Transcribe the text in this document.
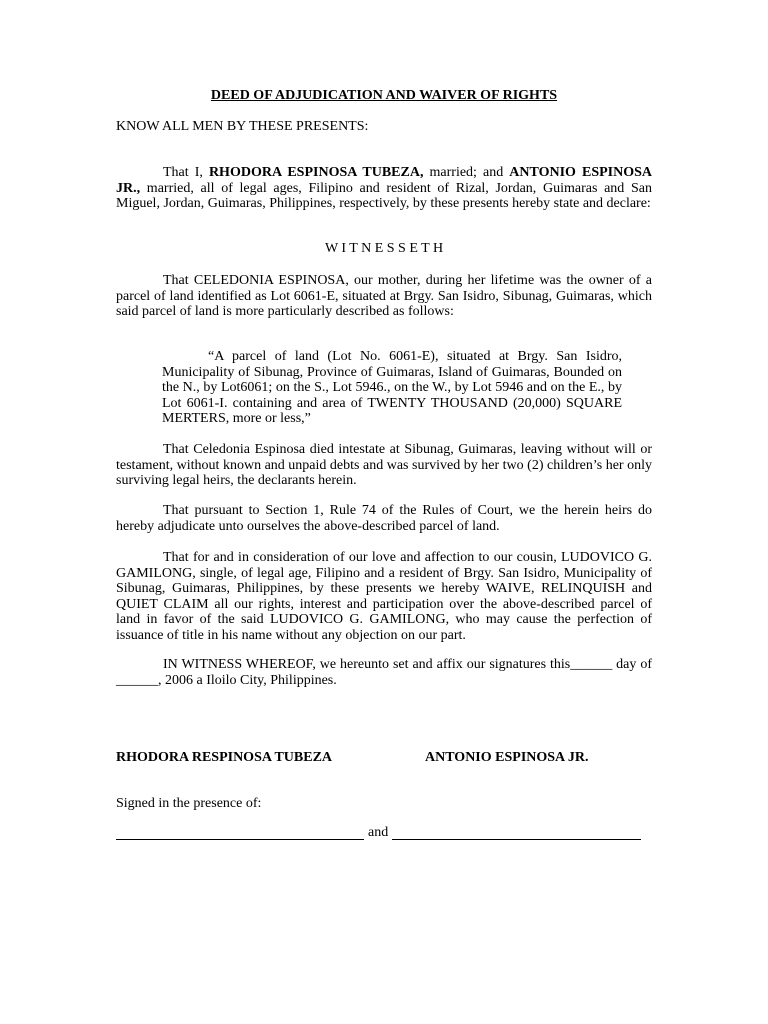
DEED OF ADJUDICATION AND WAIVER OF RIGHTS
KNOW ALL MEN BY THESE PRESENTS:

That I, RHODORA ESPINOSA TUBEZA, married; and ANTONIO ESPINOSA JR., married, all of legal ages, Filipino and resident of Rizal, Jordan, Guimaras and San Miguel, Jordan, Guimaras, Philippines, respectively, by these presents hereby state and declare:

W I T N E S S E T H

That CELEDONIA ESPINOSA, our mother, during her lifetime was the owner of a parcel of land identified as Lot 6061-E, situated at Brgy. San Isidro, Sibunag, Guimaras, which said parcel of land is more particularly described as follows:

“A parcel of land (Lot No. 6061-E), situated at Brgy. San Isidro, Municipality of Sibunag, Province of Guimaras, Island of Guimaras, Bounded on the N., by Lot6061; on the S., Lot 5946., on the W., by Lot 5946 and on the E., by Lot 6061-I. containing and area of TWENTY THOUSAND (20,000) SQUARE MERTERS, more or less,”

That Celedonia Espinosa died intestate at Sibunag, Guimaras, leaving without will or testament, without known and unpaid debts and was survived by her two (2) children’s her only surviving legal heirs, the declarants herein.

That pursuant to Section 1, Rule 74 of the Rules of Court, we the herein heirs do hereby adjudicate unto ourselves the above-described parcel of land.

That for and in consideration of our love and affection to our cousin, LUDOVICO G. GAMILONG, single, of legal age, Filipino and a resident of Brgy. San Isidro, Municipality of Sibunag, Guimaras, Philippines, by these presents we hereby WAIVE, RELINQUISH and QUIET CLAIM all our rights, interest and participation over the above-described parcel of land in favor of the said LUDOVICO G. GAMILONG, who may cause the perfection of issuance of title in his name without any objection on our part.

IN WITNESS WHEREOF, we hereunto set and affix our signatures this______ day of ______, 2006 a Iloilo City, Philippines.

RHODORA RESPINOSA TUBEZA	ANTONIO ESPINOSA JR.
Signed in the presence of:
and
